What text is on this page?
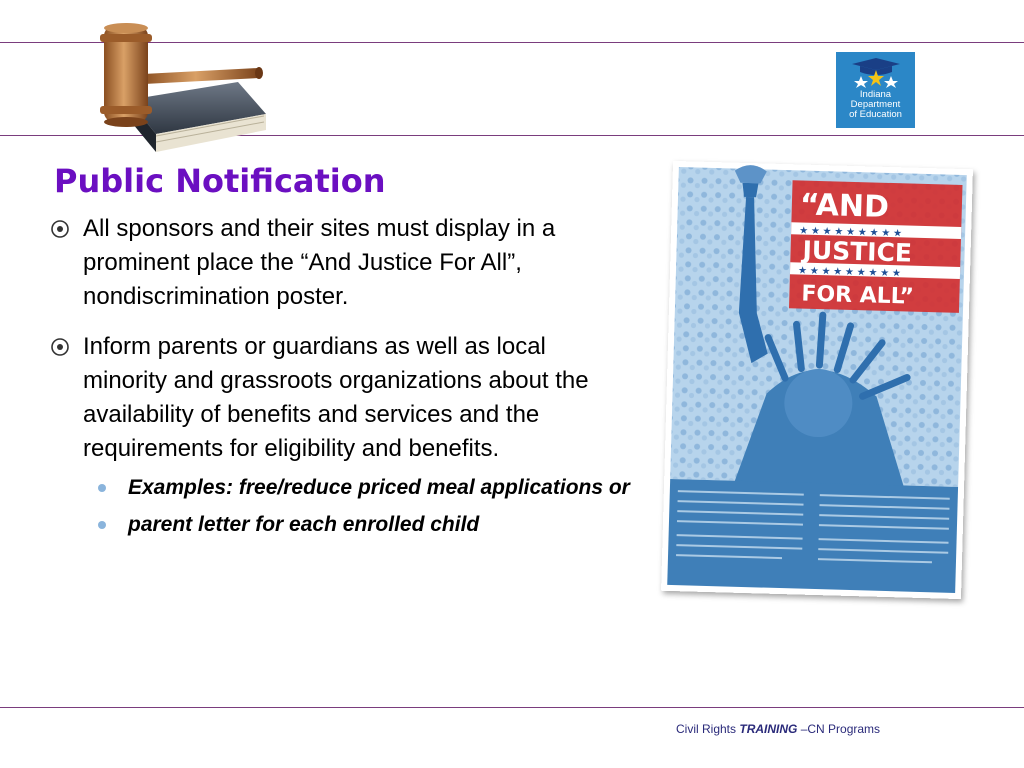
Indiana
Department
of Education
Public Notification
All sponsors and their sites must display in a prominent place the “And Justice For All”, nondiscrimination poster.
Inform parents or guardians as well as local minority and grassroots organizations about the availability of benefits and services and the requirements for eligibility and benefits.
Examples: free/reduce priced meal applications or
parent letter for each enrolled child
★ ★ ★ ★ ★ ★ ★ ★ ★
★ ★ ★ ★ ★ ★ ★ ★ ★
“AND
JUSTICE
FOR ALL”

Civil Rights TRAINING –CN Programs
